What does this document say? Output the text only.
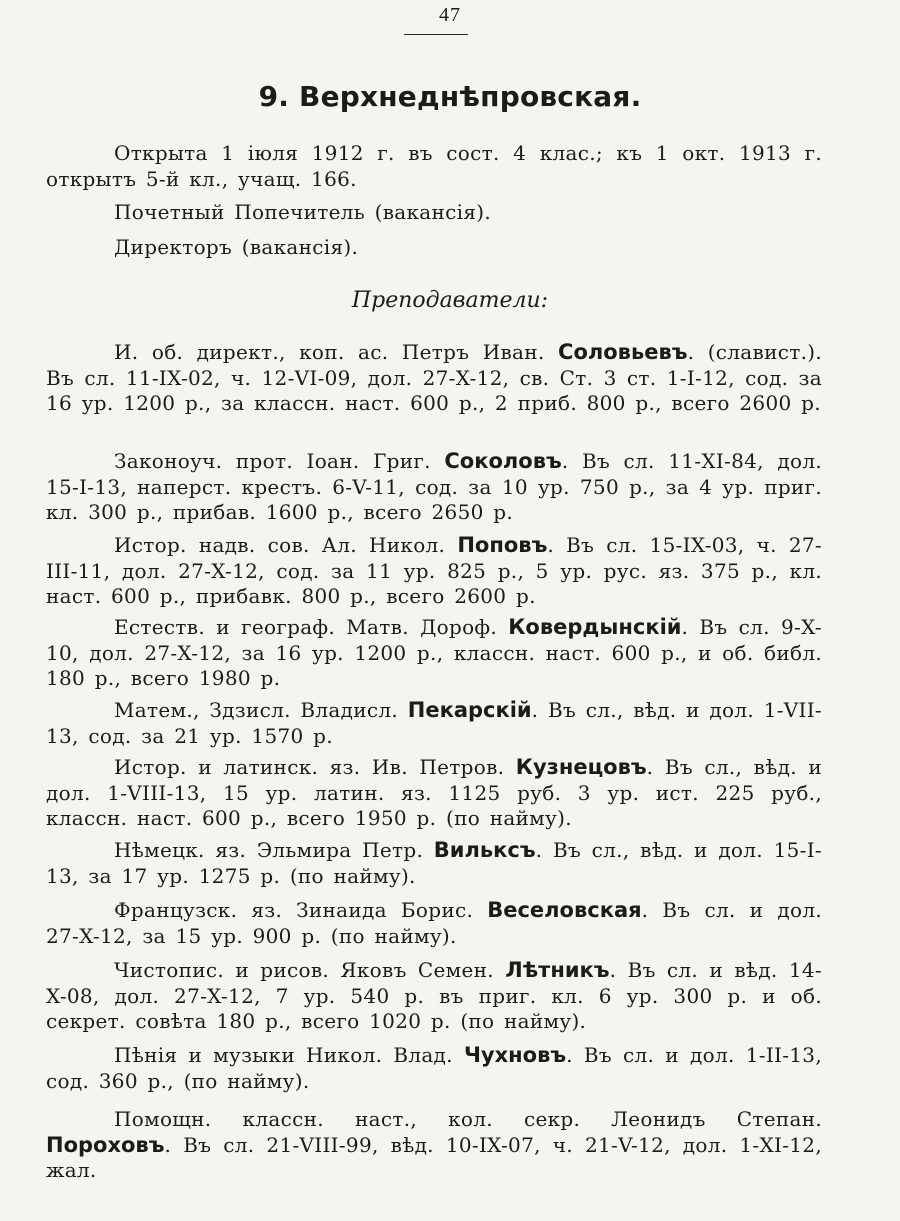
47
9. Верхнеднѣпровская.

Открыта 1 іюля 1912 г. въ сост. 4 клас.; къ 1 окт. 1913 г. открытъ 5-й кл., учащ. 166.

Почетный Попечитель (вакансія).

Директоръ (вакансія).

Преподаватели:
И. об. директ., коп. ас. Петръ Иван. Соловьевъ. (славист.). Въ сл. 11-IX-02, ч. 12-VI-09, дол. 27-X-12, св. Ст. 3 ст. 1-I-12, сод. за 16 ур. 1200 р., за классн. наст. 600 р., 2 приб. 800 р., всего 2600 р.
Законоуч. прот. Іоан. Григ. Соколовъ. Въ сл. 11-XI-84, дол. 15-I-13, наперст. крестъ. 6-V-11, сод. за 10 ур. 750 р., за 4 ур. приг. кл. 300 р., прибав. 1600 р., всего 2650 р.
Истор. надв. сов. Ал. Никол. Поповъ. Въ сл. 15-IX-03, ч. 27-III-11, дол. 27-X-12, сод. за 11 ур. 825 р., 5 ур. рус. яз. 375 р., кл. наст. 600 р., прибавк. 800 р., всего 2600 р.
Естеств. и географ. Матв. Дороф. Ковердынскій. Въ сл. 9-X-10, дол. 27-X-12, за 16 ур. 1200 р., классн. наст. 600 р., и об. библ. 180 р., всего 1980 р.
Матем., Здзисл. Владисл. Пекарскій. Въ сл., вѣд. и дол. 1-VII-13, сод. за 21 ур. 1570 р.
Истор. и латинск. яз. Ив. Петров. Кузнецовъ. Въ сл., вѣд. и дол. 1-VIII-13, 15 ур. латин. яз. 1125 руб. 3 ур. ист. 225 руб., классн. наст. 600 р., всего 1950 р. (по найму).
Нѣмецк. яз. Эльмира Петр. Вильксъ. Въ сл., вѣд. и дол. 15-I-13, за 17 ур. 1275 р. (по найму).
Французск. яз. Зинаида Борис. Веселовская. Въ сл. и дол. 27-X-12, за 15 ур. 900 р. (по найму).
Чистопис. и рисов. Яковъ Семен. Лѣтникъ. Въ сл. и вѣд. 14-X-08, дол. 27-X-12, 7 ур. 540 р. въ приг. кл. 6 ур. 300 р. и об. секрет. совѣта 180 р., всего 1020 р. (по найму).
Пѣнія и музыки Никол. Влад. Чухновъ. Въ сл. и дол. 1-II-13, сод. 360 р., (по найму).
Помощн. классн. наст., кол. секр. Леонидъ Степан. Пороховъ. Въ сл. 21-VIII-99, вѣд. 10-IX-07, ч. 21-V-12, дол. 1-XI-12, жал.
